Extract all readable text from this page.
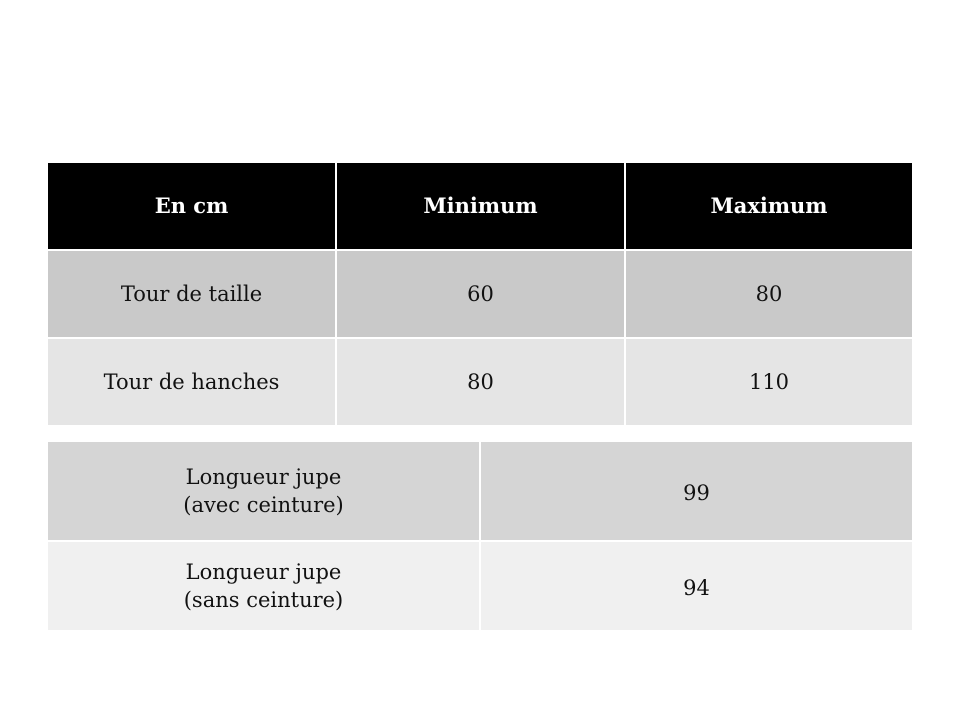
En cm	Minimum	Maximum
Tour de taille	60	80
Tour de hanches	80	110
Longueur jupe
(avec ceinture)	99
Longueur jupe
(sans ceinture)	94
